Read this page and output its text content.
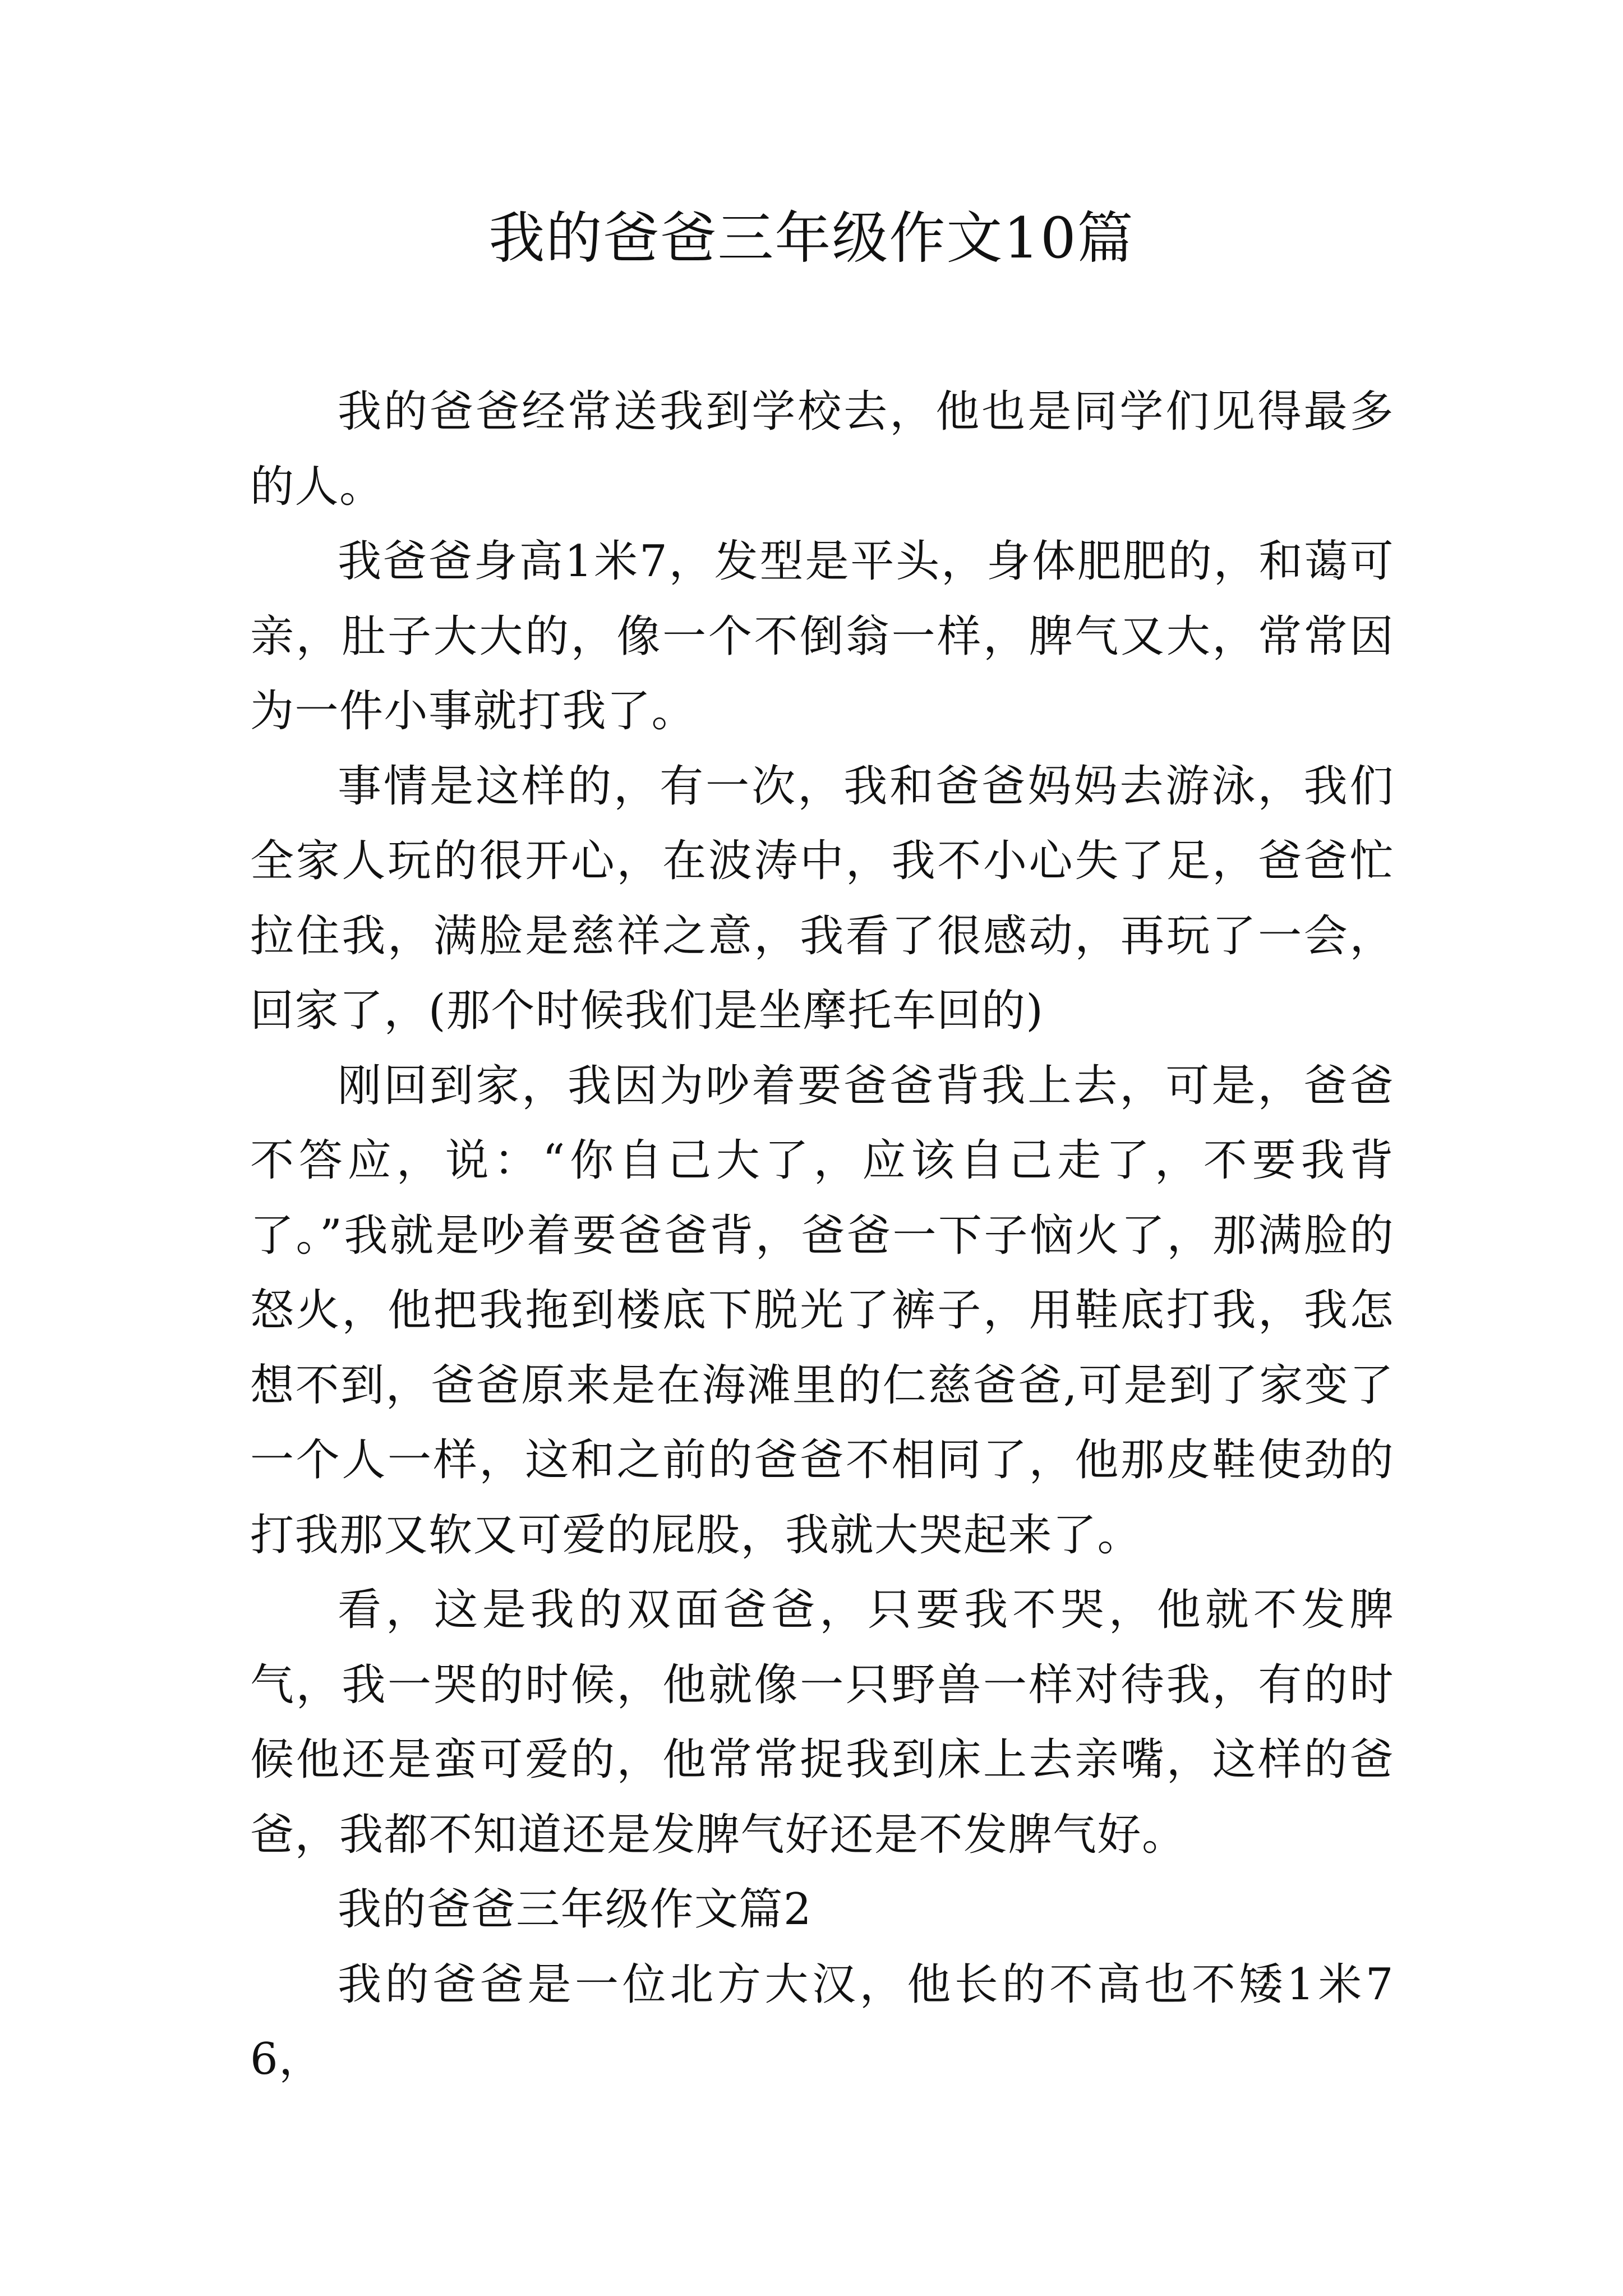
我的爸爸三年级作文10篇

我的爸爸经常送我到学校去，他也是同学们见得最多的人。

我爸爸身高1米7，发型是平头，身体肥肥的，和蔼可亲，肚子大大的，像一个不倒翁一样，脾气又大，常常因为一件小事就打我了。

事情是这样的，有一次，我和爸爸妈妈去游泳，我们全家人玩的很开心，在波涛中，我不小心失了足，爸爸忙拉住我，满脸是慈祥之意，我看了很感动，再玩了一会，回家了，(那个时候我们是坐摩托车回的)

刚回到家，我因为吵着要爸爸背我上去，可是，爸爸不答应，说：“你自己大了，应该自己走了，不要我背了。”我就是吵着要爸爸背，爸爸一下子恼火了，那满脸的怒火，他把我拖到楼底下脱光了裤子，用鞋底打我，我怎想不到，爸爸原来是在海滩里的仁慈爸爸,可是到了家变了一个人一样，这和之前的爸爸不相同了，他那皮鞋使劲的打我那又软又可爱的屁股，我就大哭起来了。

看，这是我的双面爸爸，只要我不哭，他就不发脾气，我一哭的时候，他就像一只野兽一样对待我，有的时候他还是蛮可爱的，他常常捉我到床上去亲嘴，这样的爸爸，我都不知道还是发脾气好还是不发脾气好。

我的爸爸三年级作文篇2

我的爸爸是一位北方大汉，他长的不高也不矮1米76，
